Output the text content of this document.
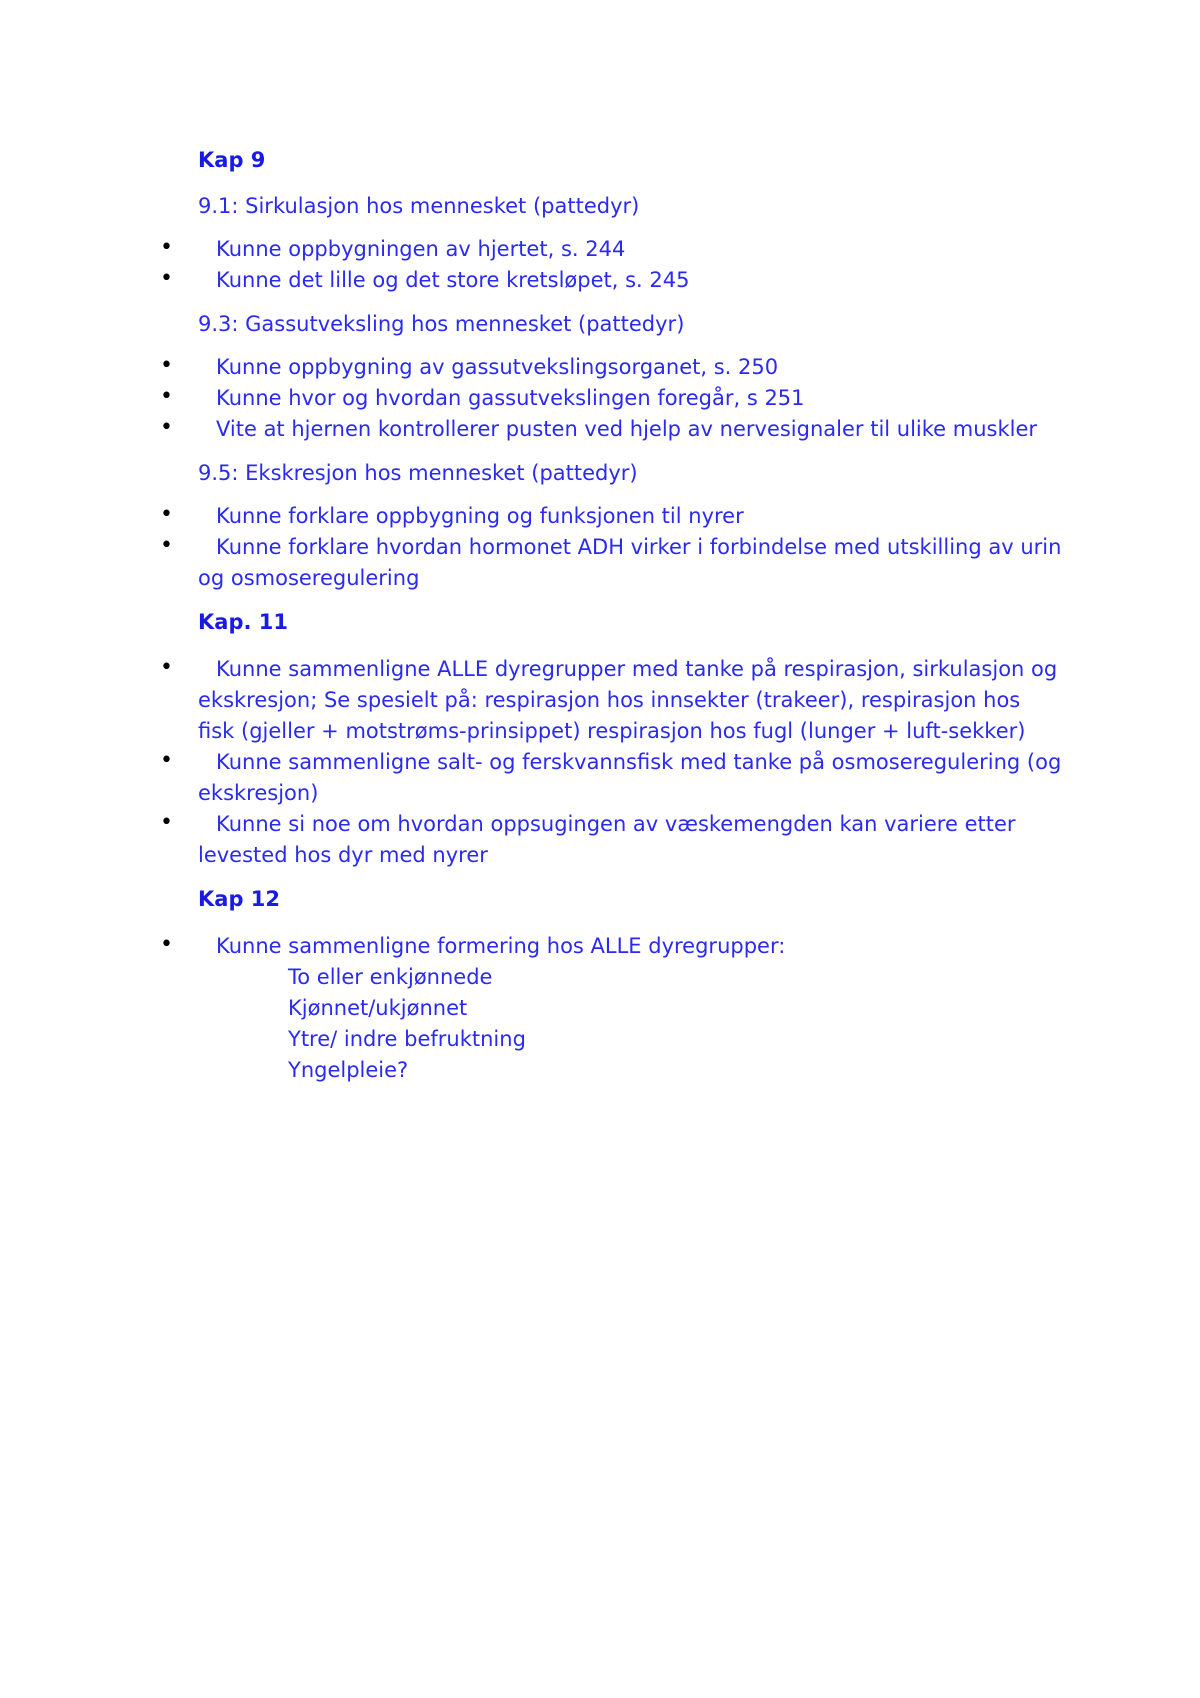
Kap 9
9.1: Sirkulasjon hos mennesket (pattedyr)
• Kunne oppbygningen av hjertet, s. 244
• Kunne det lille og det store kretsløpet, s. 245
9.3: Gassutveksling hos mennesket (pattedyr)
• Kunne oppbygning av gassutvekslingsorganet, s. 250
• Kunne hvor og hvordan gassutvekslingen foregår, s 251
• Vite at hjernen kontrollerer pusten ved hjelp av nervesignaler til ulike muskler
9.5: Ekskresjon hos mennesket (pattedyr)
• Kunne forklare oppbygning og funksjonen til nyrer
• Kunne forklare hvordan hormonet ADH virker i forbindelse med utskilling av urin
og osmoseregulering
Kap. 11
• Kunne sammenligne ALLE dyregrupper med tanke på respirasjon, sirkulasjon og
ekskresjon; Se spesielt på: respirasjon hos innsekter (trakeer), respirasjon hos
fisk (gjeller + motstrøms-prinsippet) respirasjon hos fugl (lunger + luft-sekker)
• Kunne sammenligne salt- og ferskvannsfisk med tanke på osmoseregulering (og
ekskresjon)
• Kunne si noe om hvordan oppsugingen av væskemengden kan variere etter
levested hos dyr med nyrer
Kap 12
• Kunne sammenligne formering hos ALLE dyregrupper:
To eller enkjønnede
Kjønnet/ukjønnet
Ytre/ indre befruktning
Yngelpleie?
